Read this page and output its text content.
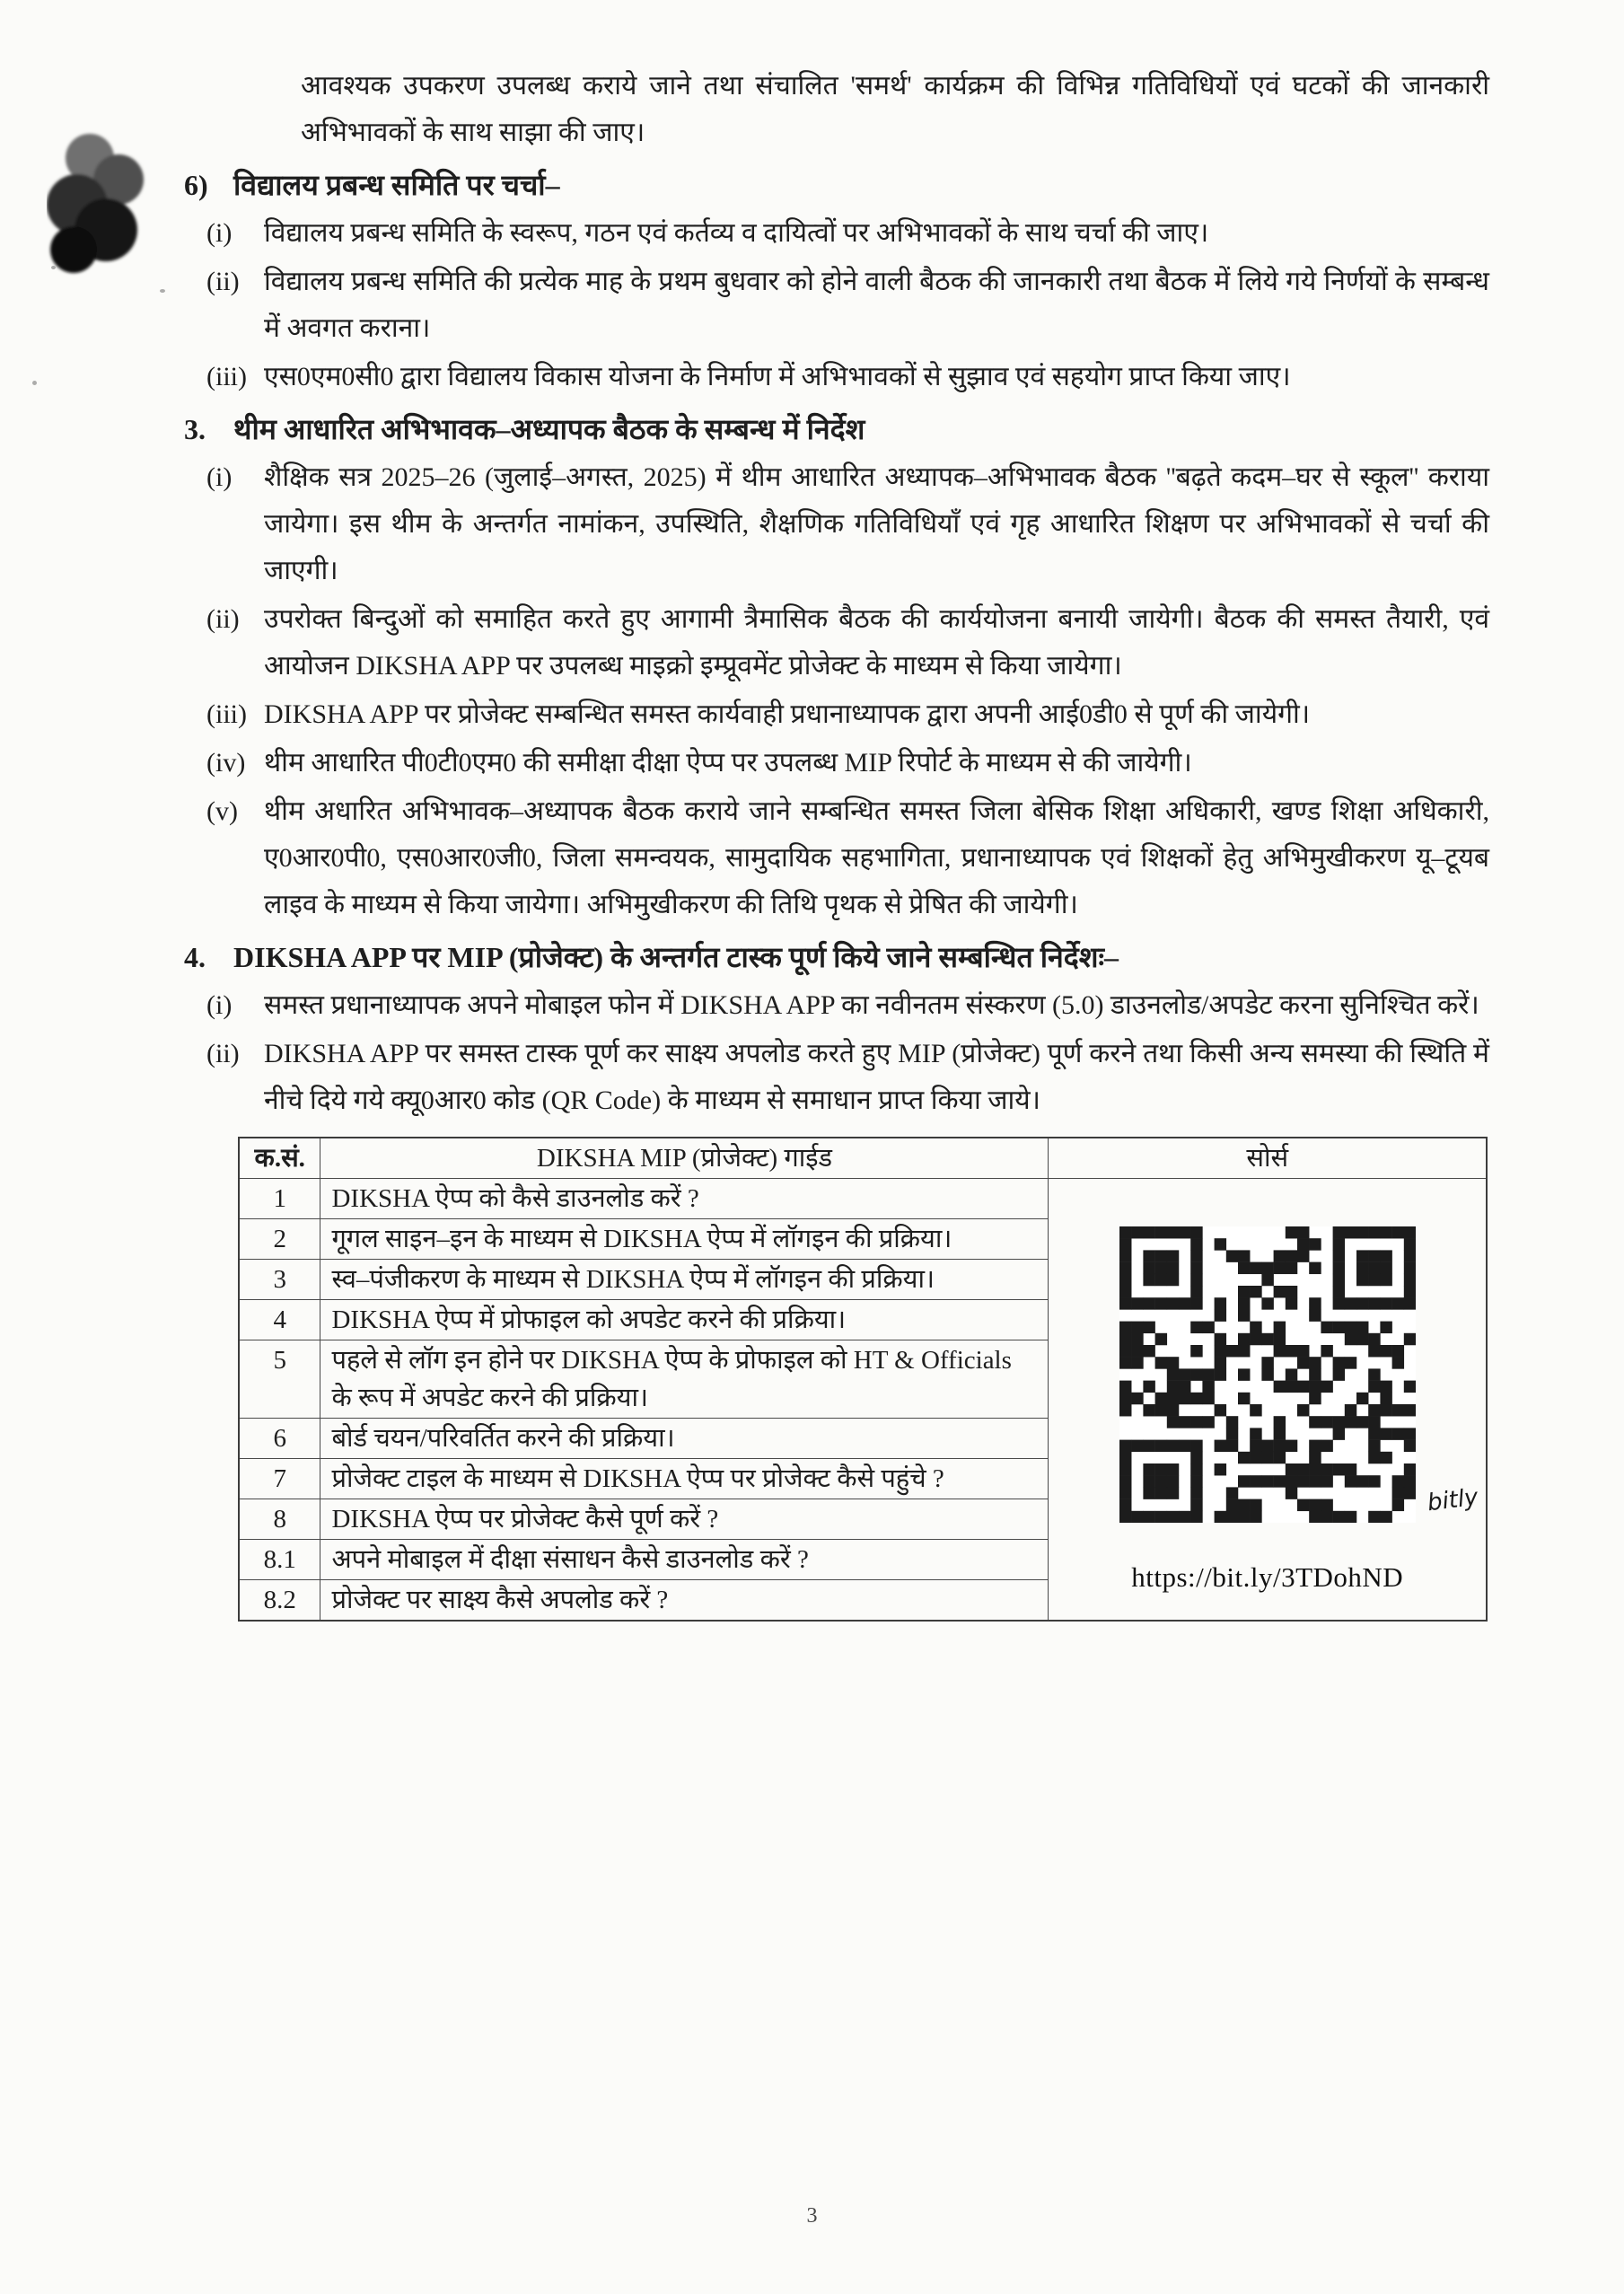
आवश्यक उपकरण उपलब्ध कराये जाने तथा संचालित 'समर्थ' कार्यक्रम की विभिन्न गतिविधियों एवं घटकों की जानकारी अभिभावकों के साथ साझा की जाए।
6) विद्यालय प्रबन्ध समिति पर चर्चा–
(i) विद्यालय प्रबन्ध समिति के स्वरूप, गठन एवं कर्तव्य व दायित्वों पर अभिभावकों के साथ चर्चा की जाए।
(ii) विद्यालय प्रबन्ध समिति की प्रत्येक माह के प्रथम बुधवार को होने वाली बैठक की जानकारी तथा बैठक में लिये गये निर्णयों के सम्बन्ध में अवगत कराना।
(iii) एस0एम0सी0 द्वारा विद्यालय विकास योजना के निर्माण में अभिभावकों से सुझाव एवं सहयोग प्राप्त किया जाए।
3. थीम आधारित अभिभावक–अध्यापक बैठक के सम्बन्ध में निर्देश
(i) शैक्षिक सत्र 2025–26 (जुलाई–अगस्त, 2025) में थीम आधारित अध्यापक–अभिभावक बैठक ''बढ़ते कदम–घर से स्कूल'' कराया जायेगा। इस थीम के अन्तर्गत नामांकन, उपस्थिति, शैक्षणिक गतिविधियाँ एवं गृह आधारित शिक्षण पर अभिभावकों से चर्चा की जाएगी।
(ii) उपरोक्त बिन्दुओं को समाहित करते हुए आगामी त्रैमासिक बैठक की कार्ययोजना बनायी जायेगी। बैठक की समस्त तैयारी, एवं आयोजन DIKSHA APP पर उपलब्ध माइक्रो इम्प्रूवमेंट प्रोजेक्ट के माध्यम से किया जायेगा।
(iii) DIKSHA APP पर प्रोजेक्ट सम्बन्धित समस्त कार्यवाही प्रधानाध्यापक द्वारा अपनी आई0डी0 से पूर्ण की जायेगी।
(iv) थीम आधारित पी0टी0एम0 की समीक्षा दीक्षा ऐप्प पर उपलब्ध MIP रिपोर्ट के माध्यम से की जायेगी।
(v) थीम अधारित अभिभावक–अध्यापक बैठक कराये जाने सम्बन्धित समस्त जिला बेसिक शिक्षा अधिकारी, खण्ड शिक्षा अधिकारी, ए0आर0पी0, एस0आर0जी0, जिला समन्वयक, सामुदायिक सहभागिता, प्रधानाध्यापक एवं शिक्षकों हेतु अभिमुखीकरण यू–टूयब लाइव के माध्यम से किया जायेगा। अभिमुखीकरण की तिथि पृथक से प्रेषित की जायेगी।
4. DIKSHA APP पर MIP (प्रोजेक्ट) के अन्तर्गत टास्क पूर्ण किये जाने सम्बन्धित निर्देशः–
(i) समस्त प्रधानाध्यापक अपने मोबाइल फोन में DIKSHA APP का नवीनतम संस्करण (5.0) डाउनलोड/अपडेट करना सुनिश्चित करें।
(ii) DIKSHA APP पर समस्त टास्क पूर्ण कर साक्ष्य अपलोड करते हुए MIP (प्रोजेक्ट) पूर्ण करने तथा किसी अन्य समस्या की स्थिति में नीचे दिये गये क्यू0आर0 कोड (QR Code) के माध्यम से समाधान प्राप्त किया जाये।
क.सं.	DIKSHA MIP (प्रोजेक्ट) गाईड	सोर्स
1	DIKSHA ऐप्प को कैसे डाउनलोड करें ?	bitly
https://bit.ly/3TDohND

2	गूगल साइन–इन के माध्यम से DIKSHA ऐप्प में लॉगइन की प्रक्रिया।	
3	स्व–पंजीकरण के माध्यम से DIKSHA ऐप्प में लॉगइन की प्रक्रिया।	
4	DIKSHA ऐप्प में प्रोफाइल को अपडेट करने की प्रक्रिया।	
5	पहले से लॉग इन होने पर DIKSHA ऐप्प के प्रोफाइल को HT & Officials के रूप में अपडेट करने की प्रक्रिया।	
6	बोर्ड चयन/परिवर्तित करने की प्रक्रिया।	
7	प्रोजेक्ट टाइल के माध्यम से DIKSHA ऐप्प पर प्रोजेक्ट कैसे पहुंचे ?	
8	DIKSHA ऐप्प पर प्रोजेक्ट कैसे पूर्ण करें ?	
8.1	अपने मोबाइल में दीक्षा संसाधन कैसे डाउनलोड करें ?	
8.2	प्रोजेक्ट पर साक्ष्य कैसे अपलोड करें ?	
3
